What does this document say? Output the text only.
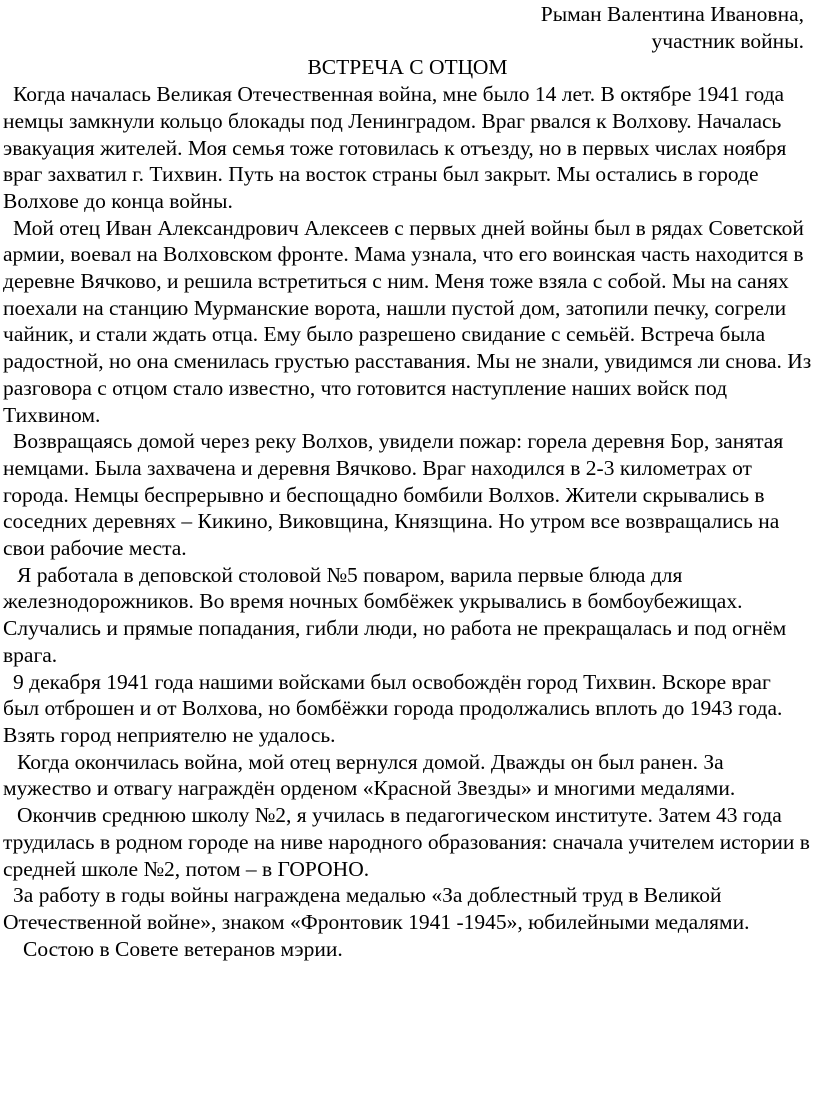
Рыман Валентина Ивановна,
участник войны.
ВСТРЕЧА С ОТЦОМ

Когда началась Великая Отечественная война, мне было 14 лет. В октябре 1941 года немцы замкнули кольцо блокады под Ленинградом. Враг рвался к Волхову. Началась эвакуация жителей. Моя семья тоже готовилась к отъезду, но в первых числах ноября враг захватил г. Тихвин. Путь на восток страны был закрыт. Мы остались в городе Волхове до конца войны.

Мой отец Иван Александрович Алексеев с первых дней войны был в рядах Советской армии, воевал на Волховском фронте. Мама узнала, что его воинская часть находится в деревне Вячково, и решила встретиться с ним. Меня тоже взяла с собой. Мы на санях поехали на станцию Мурманские ворота, нашли пустой дом, затопили печку, согрели чайник, и стали ждать отца. Ему было разрешено свидание с семьёй. Встреча была радостной, но она сменилась грустью расставания. Мы не знали, увидимся ли снова. Из разговора с отцом стало известно, что готовится наступление наших войск под Тихвином.

Возвращаясь домой через реку Волхов, увидели пожар: горела деревня Бор, занятая немцами. Была захвачена и деревня Вячково. Враг находился в 2-3 километрах от города. Немцы беспрерывно и беспощадно бомбили Волхов. Жители скрывались в соседних деревнях – Кикино, Виковщина, Князщина. Но утром все возвращались на свои рабочие места.

Я работала в деповской столовой №5 поваром, варила первые блюда для железнодорожников. Во время ночных бомбёжек укрывались в бомбоубежищах. Случались и прямые попадания, гибли люди, но работа не прекращалась и под огнём врага.

9 декабря 1941 года нашими войсками был освобождён город Тихвин. Вскоре враг был отброшен и от Волхова, но бомбёжки города продолжались вплоть до 1943 года. Взять город неприятелю не удалось.

Когда окончилась война, мой отец вернулся домой. Дважды он был ранен. За мужество и отвагу награждён орденом «Красной Звезды» и многими медалями.

Окончив среднюю школу №2, я училась в педагогическом институте. Затем 43 года трудилась в родном городе на ниве народного образования: сначала учителем истории в средней школе №2, потом – в ГОРОНО.

За работу в годы войны награждена медалью «За доблестный труд в Великой Отечественной войне», знаком «Фронтовик 1941 -1945», юбилейными медалями.

Состою в Совете ветеранов мэрии.
